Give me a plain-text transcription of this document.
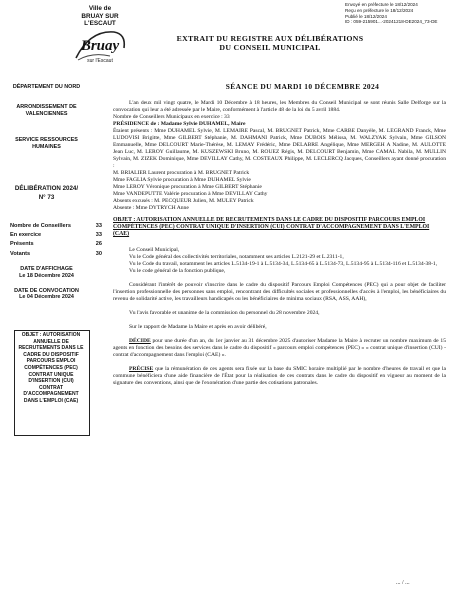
Ville de
BRUAY SUR L'ESCAUT
Bruay
sur l'Escaut
Envoyé en préfecture le 18/12/2024
Reçu en préfecture le 18/12/2024
Publié le 18/12/2024
ID : 059-215901...-20241218-DE2024_73-DE
EXTRAIT DU REGISTRE AUX DÉLIBÉRATIONS
DU CONSEIL MUNICIPAL
DÉPARTEMENT DU NORD
ARRONDISSEMENT DE VALENCIENNES
SERVICE RESSOURCES HUMAINES
DÉLIBÉRATION 2024/
N° 73
Nombre de Conseillers	33
En exercice	33
Présents	26
Votants	30
DATE D'AFFICHAGE
Le 18 Décembre 2024
DATE DE CONVOCATION
Le 04 Décembre 2024
OBJET : AUTORISATION ANNUELLE DE RECRUTEMENTS DANS LE CADRE DU DISPOSITIF PARCOURS EMPLOI COMPÉTENCES (PEC) CONTRAT UNIQUE D'INSERTION (CUI) CONTRAT D'ACCOMPAGNEMENT DANS L'EMPLOI (CAE)
SÉANCE DU MARDI 10 DÉCEMBRE 2024
L'an deux mil vingt quatre, le Mardi 10 Décembre à 18 heures, les Membres du Conseil Municipal se sont réunis Salle Delforge sur la convocation qui leur a été adressée par le Maire, conformément à l'article 48 de la loi du 5 avril 1884.
Nombre de Conseillers Municipaux en exercice : 33
PRÉSIDENCE de : Madame Sylvie DUHAMEL, Maire
Étaient présents : Mme DUHAMEL Sylvie, M. LEMAIRE Pascal, M. BRUGNET Patrick, Mme CARBE Danyèle, M. LEGRAND Franck, Mme LUDOVISI Brigitte, Mme GILBERT Stéphanie, M. DAHMANI Patrick, Mme DUBOIS Mélissa, M. WALZYAK Sylvain, Mme GILSON Emmanuelle, Mme DELCOURT Marie-Thérèse, M. LEMAY Frédéric, Mme DELABRE Angélique, Mme MERGEH A Nadine, M. AULOTTE Jean Luc, M. LEROY Guillaume, M. KUSZEWSKI Bruno, M. ROUEZ Régis, M. DELCOURT Benjamin, Mme CAMAL Nabila, M. MULLIN Sylvain, M. ZIZEK Dominique, Mme DEVILLAY Cathy, M. COSTEAUX Philippe, M. LECLERCQ Jacques, Conseillers ayant donné procuration :
M. BRIALIER Laurent procuration à M. BRUGNET Patrick
Mme FAGLIA Sylvie procuration à Mme DUHAMEL Sylvie
Mme LEROY Véronique procuration à Mme GILBERT Stéphanie
Mme VANDEPUTTE Valérie procuration à Mme DEVILLAY Cathy
Absents excusés : M. PECQUEUR Julien, M. MULEY Patrick
Absente : Mme DYTRYCH Anne
OBJET : AUTORISATION ANNUELLE DE RECRUTEMENTS DANS LE CADRE DU DISPOSITIF PARCOURS EMPLOI COMPÉTENCES (PEC) CONTRAT UNIQUE D'INSERTION (CUI) CONTRAT D'ACCOMPAGNEMENT DANS L'EMPLOI (CAE)
Le Conseil Municipal,
Vu le Code général des collectivités territoriales, notamment ses articles L.2121-29 et L.2311-1,
Vu le Code du travail, notamment les articles L.5134-19-1 à L.5134-34, L.5134-65 à L.5134-73, L.5134-95 à L.5134-116 et L.5134-38-1,
Vu le code général de la fonction publique,
Considérant l'intérêt de pouvoir s'inscrire dans le cadre du dispositif Parcours Emploi Compétences (PEC) qui a pour objet de faciliter l'insertion professionnelle des personnes sans emploi, rencontrant des difficultés sociales et professionnelles d'accès à l'emploi, les bénéficiaires du revenu de solidarité active, les travailleurs handicapés ou les bénéficiaires de minima sociaux (RSA, ASS, AAH),
Vu l'avis favorable et unanime de la commission du personnel du 28 novembre 2024,
Sur le rapport de Madame la Maire et après en avoir délibéré,
DÉCIDE pour une durée d'un an, du 1er janvier au 31 décembre 2025 d'autoriser Madame la Maire à recruter un nombre maximum de 15 agents en fonction des besoins des services dans le cadre du dispositif « parcours emploi compétences (PEC) » « contrat unique d'insertion (CUI) - contrat d'accompagnement dans l'emploi (CAE) ».
PRÉCISE que la rémunération de ces agents sera fixée sur la base du SMIC horaire multiplié par le nombre d'heures de travail et que la commune bénéficiera d'une aide financière de l'État pour la réalisation de ces contrats dans le cadre du dispositif en vigueur au moment de la signature des conventions, ainsi que de l'exonération d'une partie des cotisations patronales.
... / ...
